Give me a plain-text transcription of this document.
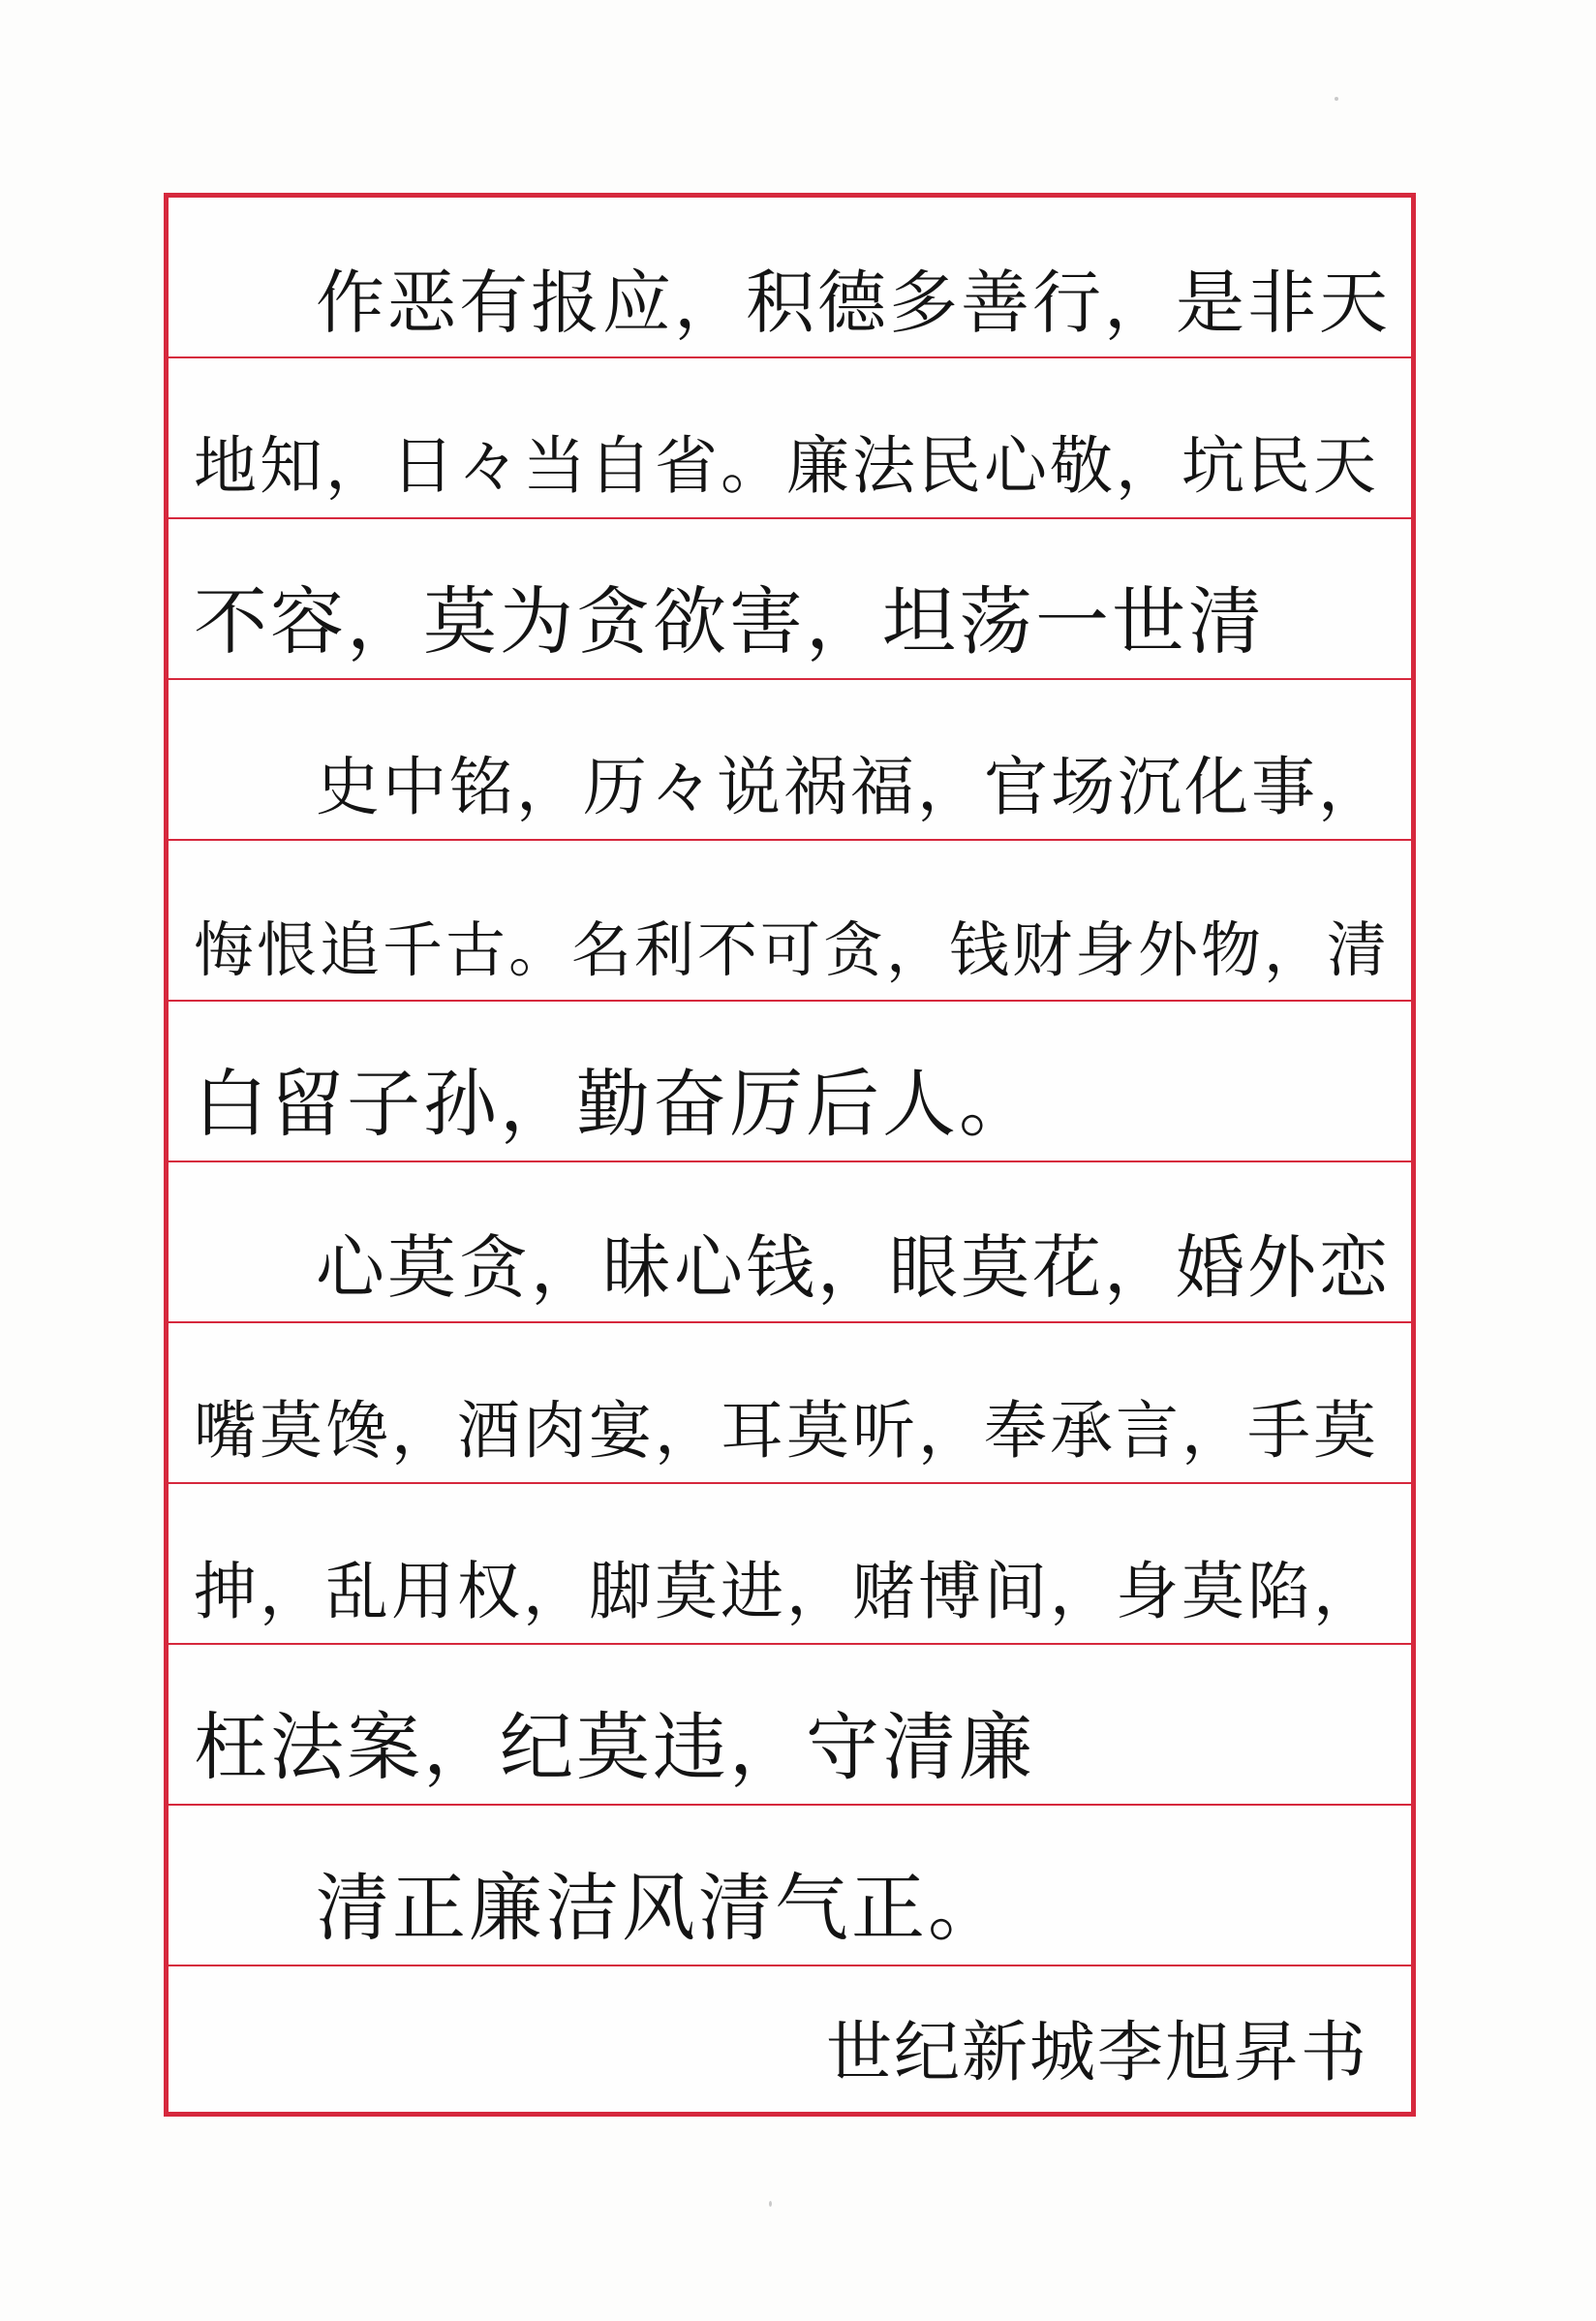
作恶有报应，积德多善行，是非天
地知，日々当自省。廉法民心敬，坑民天
不容，莫为贪欲害，坦荡一世清
史中铭，历々说祸福，官场沉化事，
悔恨追千古。名利不可贪，钱财身外物，清
白留子孙，勤奋厉后人。
心莫贪，昧心钱，眼莫花，婚外恋
嘴莫馋，酒肉宴，耳莫听，奉承言，手莫
抻，乱用权，脚莫进，赌博间，身莫陷，
枉法案，纪莫违，守清廉
清正廉洁风清气正。
世纪新城李旭昇书
